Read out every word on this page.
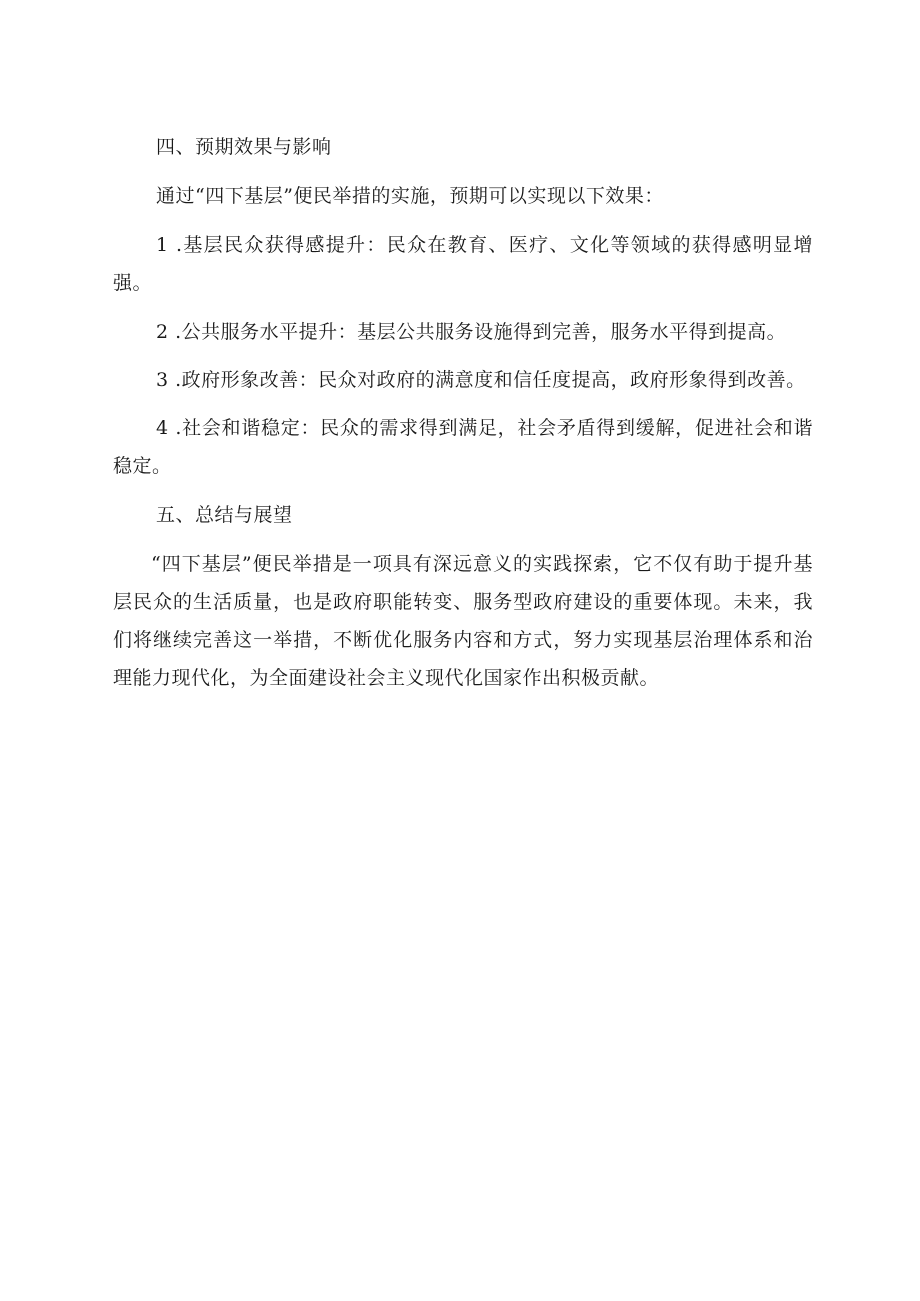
四、预期效果与影响

通过“四下基层”便民举措的实施，预期可以实现以下效果：

1 .基层民众获得感提升：民众在教育、医疗、文化等领域的获得感明显增强。

2 .公共服务水平提升：基层公共服务设施得到完善，服务水平得到提高。

3 .政府形象改善：民众对政府的满意度和信任度提高，政府形象得到改善。

4 .社会和谐稳定：民众的需求得到满足，社会矛盾得到缓解，促进社会和谐稳定。

五、总结与展望

“四下基层”便民举措是一项具有深远意义的实践探索，它不仅有助于提升基层民众的生活质量，也是政府职能转变、服务型政府建设的重要体现。未来，我们将继续完善这一举措，不断优化服务内容和方式，努力实现基层治理体系和治理能力现代化，为全面建设社会主义现代化国家作出积极贡献。
